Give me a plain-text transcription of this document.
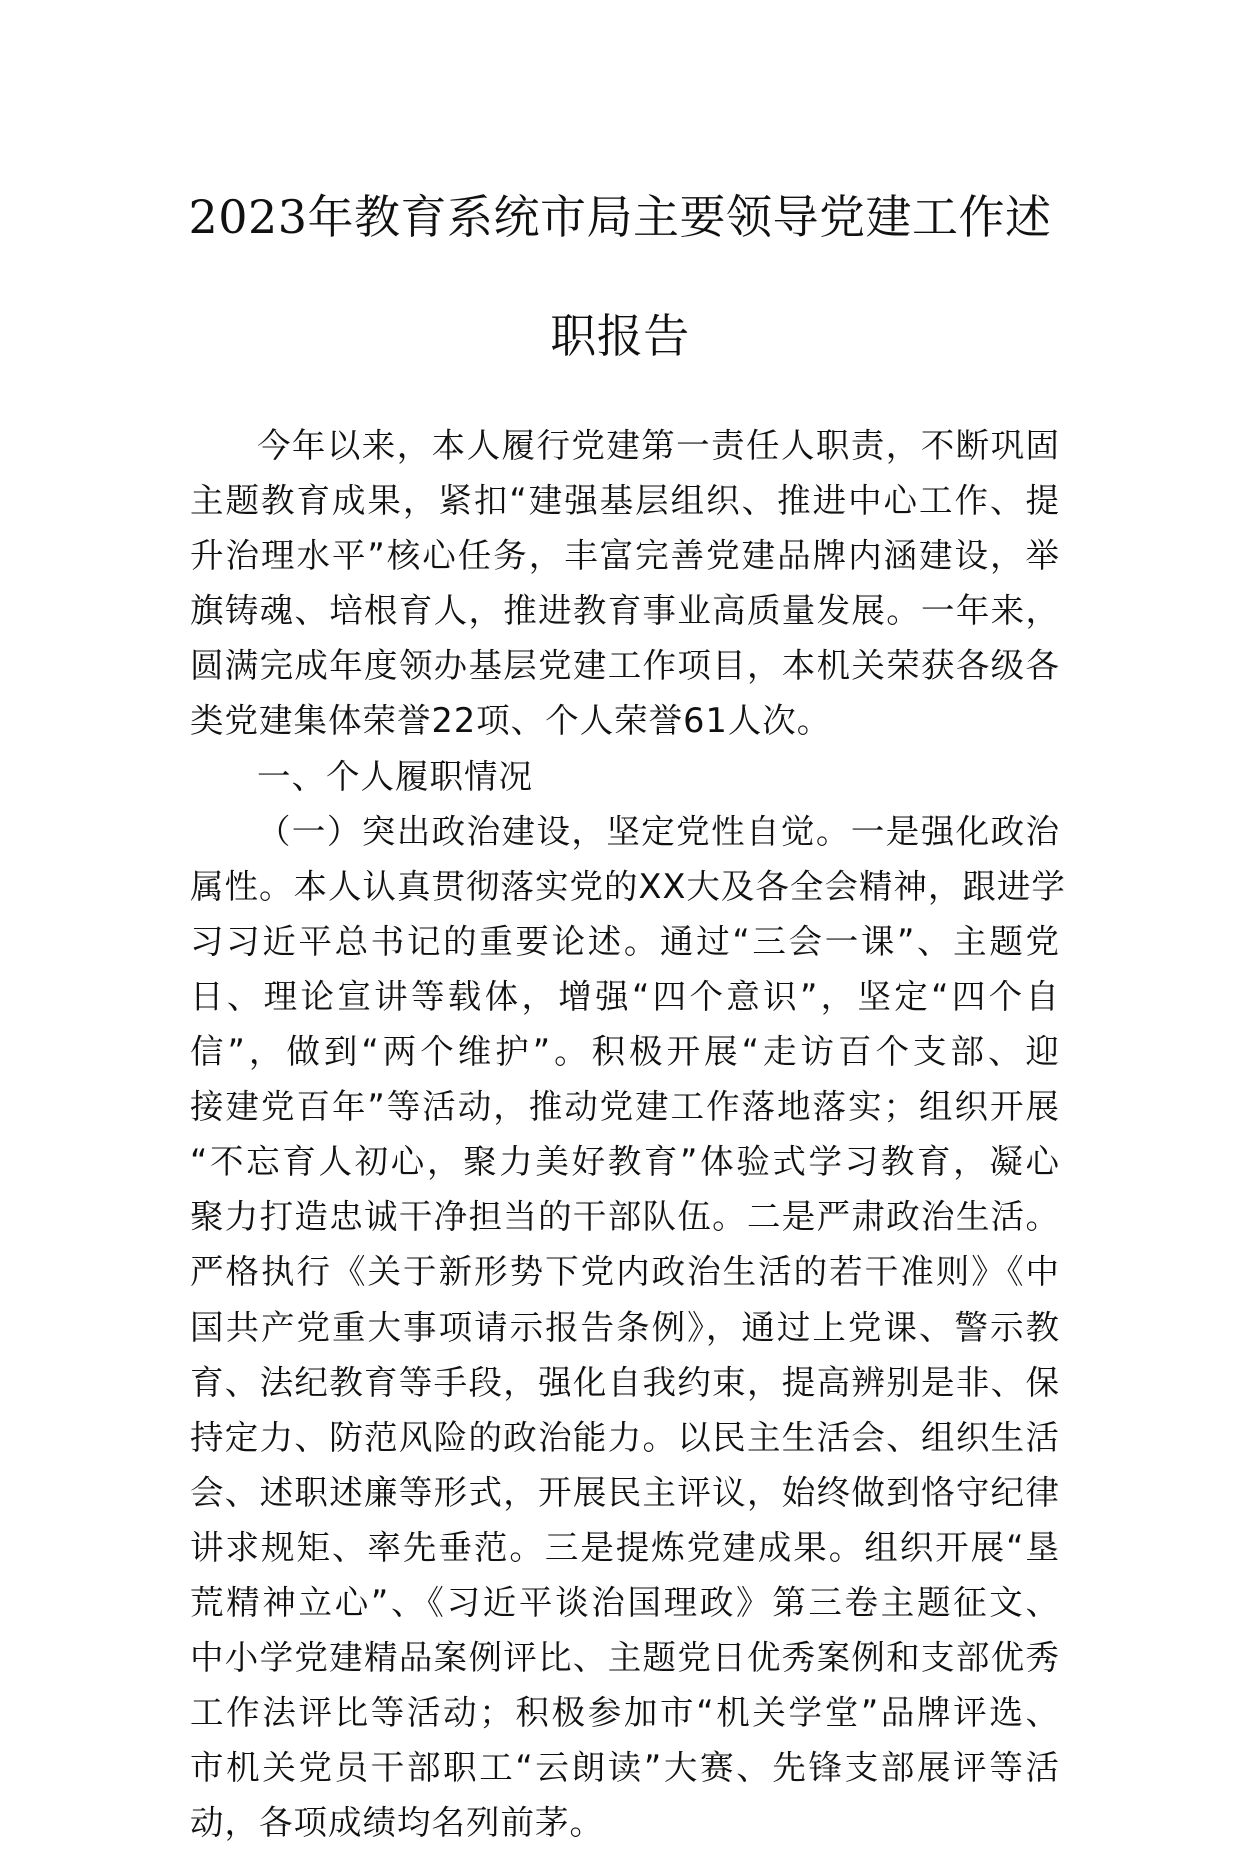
2023年教育系统市局主要领导党建工作述
职报告
今年以来，本人履行党建第一责任人职责，不断巩固
主题教育成果，紧扣“建强基层组织、推进中心工作、提
升治理水平”核心任务，丰富完善党建品牌内涵建设，举
旗铸魂、培根育人，推进教育事业高质量发展。一年来，
圆满完成年度领办基层党建工作项目，本机关荣获各级各
类党建集体荣誉22项、个人荣誉61人次。
一、个人履职情况
（一）突出政治建设，坚定党性自觉。一是强化政治
属性。本人认真贯彻落实党的XX大及各全会精神，跟进学
习习近平总书记的重要论述。通过“三会一课”、主题党
日、理论宣讲等载体，增强“四个意识”，坚定“四个自
信”，做到“两个维护”。积极开展“走访百个支部、迎
接建党百年”等活动，推动党建工作落地落实；组织开展
“不忘育人初心，聚力美好教育”体验式学习教育，凝心
聚力打造忠诚干净担当的干部队伍。二是严肃政治生活。
严格执行《关于新形势下党内政治生活的若干准则》《中
国共产党重大事项请示报告条例》，通过上党课、警示教
育、法纪教育等手段，强化自我约束，提高辨别是非、保
持定力、防范风险的政治能力。以民主生活会、组织生活
会、述职述廉等形式，开展民主评议，始终做到恪守纪律
讲求规矩、率先垂范。三是提炼党建成果。组织开展“垦
荒精神立心”、《习近平谈治国理政》第三卷主题征文、
中小学党建精品案例评比、主题党日优秀案例和支部优秀
工作法评比等活动；积极参加市“机关学堂”品牌评选、
市机关党员干部职工“云朗读”大赛、先锋支部展评等活
动，各项成绩均名列前茅。
